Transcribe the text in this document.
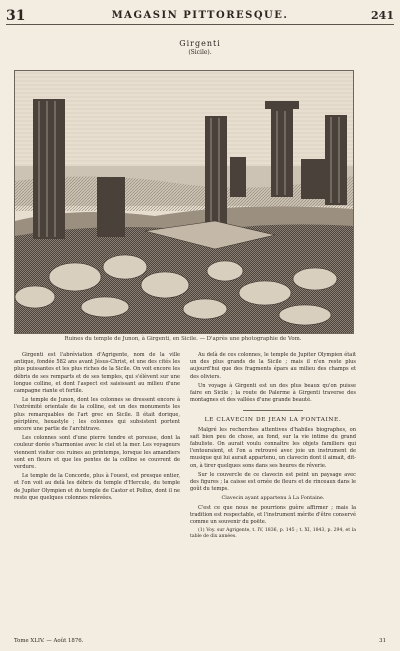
31	MAGASIN PITTORESQUE.	241
Girgenti
(Sicile).
Ruines du temple de Junon, à Girgenti, en Sicile. — D'après une photographie de Vom.

Girgenti est l'abréviation d'Agrigente, nom de la ville antique, fondée 582 ans avant Jésus-Christ, et une des cités les plus puissantes et les plus riches de la Sicile. On voit encore les débris de ses remparts et de ses temples, qui s'élèvent sur une longue colline, et dont l'aspect est saisissant au milieu d'une campagne riante et fertile.

Le temple de Junon, dont les colonnes se dressent encore à l'extrémité orientale de la colline, est un des monuments les plus remarquables de l'art grec en Sicile. Il était dorique, périptère, hexastyle ; les colonnes qui subsistent portent encore une partie de l'architrave.

Les colonnes sont d'une pierre tendre et poreuse, dont la couleur dorée s'harmonise avec le ciel et la mer. Les voyageurs viennent visiter ces ruines au printemps, lorsque les amandiers sont en fleurs et que les pentes de la colline se couvrent de verdure.

Le temple de la Concorde, plus à l'ouest, est presque entier, et l'on voit au delà les débris du temple d'Hercule, du temple de Jupiter Olympien et du temple de Castor et Pollux, dont il ne reste que quelques colonnes relevées.

Au delà de ces colonnes, le temple de Jupiter Olympien était un des plus grands de la Sicile ; mais il n'en reste plus aujourd'hui que des fragments épars au milieu des champs et des oliviers.

Un voyage à Girgenti est un des plus beaux qu'on puisse faire en Sicile ; la route de Palerme à Girgenti traverse des montagnes et des vallées d'une grande beauté.

LE CLAVECIN DE JEAN LA FONTAINE.

Malgré les recherches attentives d'habiles biographes, on sait bien peu de chose, au fond, sur la vie intime du grand fabuliste. On aurait voulu connaître les objets familiers qui l'entouraient, et l'on a retrouvé avec joie un instrument de musique qui lui aurait appartenu, un clavecin dont il aimait, dit-on, à tirer quelques sons dans ses heures de rêverie.

Sur le couvercle de ce clavecin est peint un paysage avec des figures ; la caisse est ornée de fleurs et de rinceaux dans le goût du temps.

Clavecin ayant appartenu à La Fontaine.

C'est ce que nous ne pourrions guère affirmer ; mais la tradition est respectable, et l'instrument mérite d'être conservé comme un souvenir du poëte.

(1) Voy. sur Agrigente, t. IV, 1836, p. 145 ; t. XI, 1843, p. 294, et la table de dix années.

Tome XLIV. — Août 1876.	31
